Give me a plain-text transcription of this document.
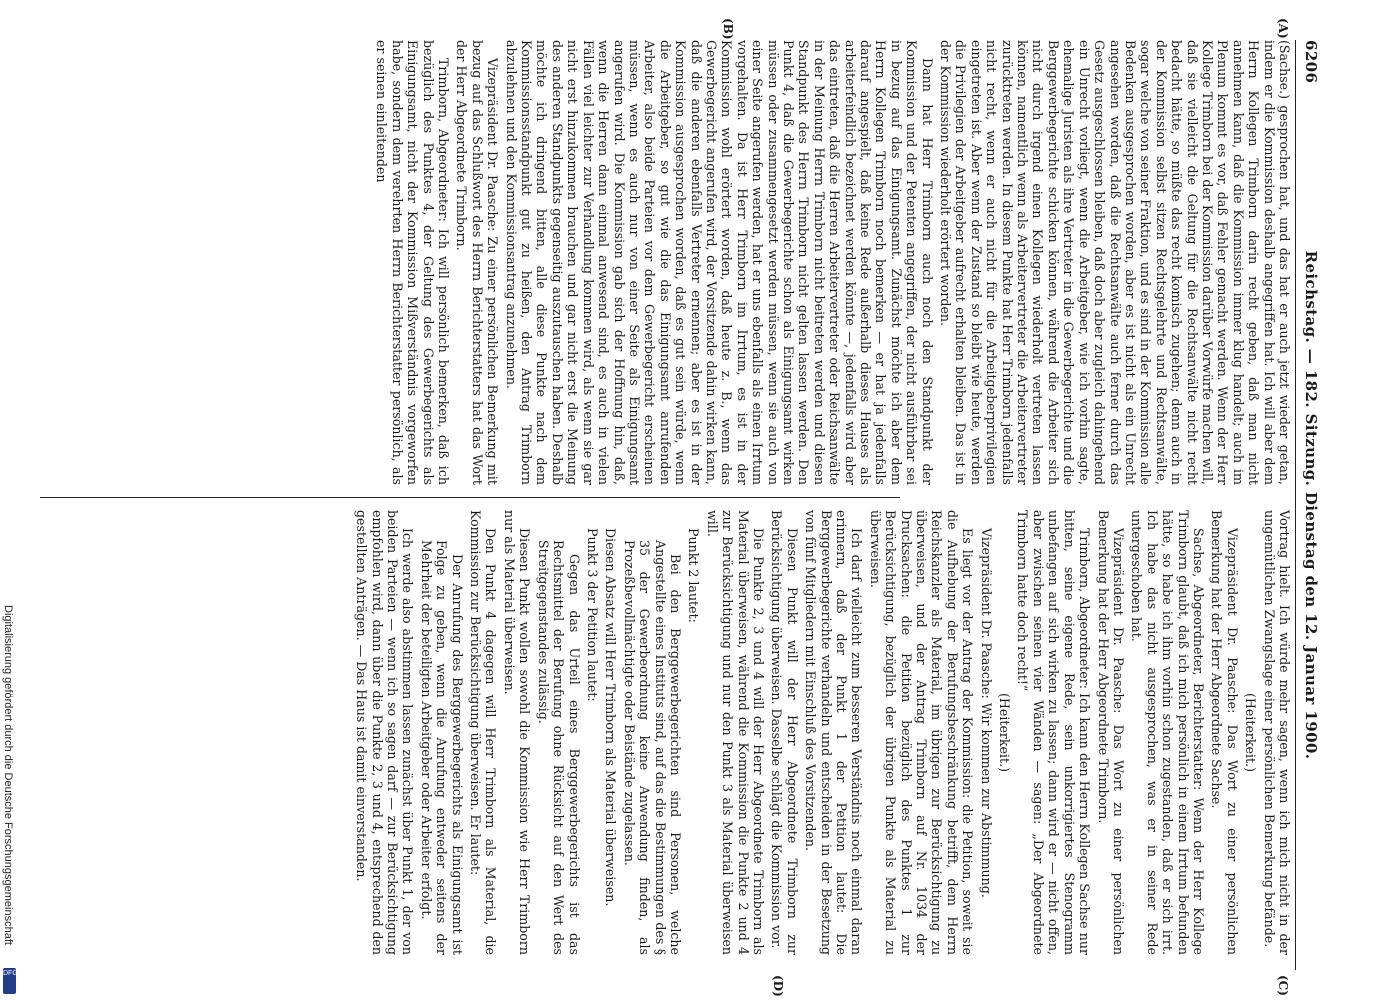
Digitalisierung gefördert durch die Deutsche Forschungsgemeinschaft
DFG
6206
Reichstag. — 182. Sitzung. Dienstag den 12. Januar 1900.
(A)
(B)
(C)
(D)

(Sachse.) gesprochen hat, und das hat er auch jetzt wieder getan, indem er die Kommission deshalb angegriffen hat. Ich will aber dem Herrn Kollegen Trimborn darin recht geben, daß man nicht annehmen kann, daß die Kommission immer klug handelt; auch im Plenum kommt es vor, daß Fehler gemacht werden. Wenn der Herr Kollege Trimborn bei der Kommission darüber Vorwürfe machen will, daß sie vielleicht die Geltung für die Rechtsanwälte nicht recht bedacht hätte, so müßte das recht komisch zugehen; denn auch in der Kommission selbst sitzen Rechtsgelehrte und Rechtsanwälte, sogar welche von seiner Fraktion, und es sind in der Kommission alle Bedenken ausgesprochen worden, aber es ist nicht als ein Unrecht angesehen worden, daß die Rechtsanwälte auch ferner durch das Gesetz ausgeschlossen bleiben, daß doch aber zugleich dahingehend ein Unrecht vorliegt, wenn die Arbeitgeber, wie ich vorhin sagte, ehemalige Juristen als ihre Vertreter in die Gewerbegerichte und die Berggewerbegerichte schicken können, während die Arbeiter sich nicht durch irgend einen Kollegen wiederholt vertreten lassen können, namentlich wenn als Arbeitervertreter die Arbeitervertreter zurücktreten werden. In diesem Punkte hat Herr Trimborn jedenfalls nicht recht, wenn er auch nicht für die Arbeitgeberprivilegien eingetreten ist. Aber wenn der Zustand so bleibt wie heute, werden die Privilegien der Arbeitgeber aufrecht erhalten bleiben. Das ist in der Kommission wiederholt erörtert worden.

Dann hat Herr Trimborn auch noch den Standpunkt der Kommission und der Petenten angegriffen, der nicht ausführbar sei in bezug auf das Einigungsamt. Zunächst möchte ich aber dem Herrn Kollegen Trimborn noch bemerken — er hat ja jedenfalls darauf angespielt, daß keine Rede außerhalb dieses Hauses als arbeiterfeindlich bezeichnet werden könnte —, jedenfalls wird aber das eintreten, daß die Herren Arbeitervertreter oder Reichsanwälte in der Meinung Herrn Trimborn nicht beitreten werden und diesen Standpunkt des Herrn Trimborn nicht gelten lassen werden. Den Punkt 4, daß die Gewerbegerichte schon als Einigungsamt wirken müssen oder zusammengesetzt werden müssen, wenn sie auch von einer Seite angerufen werden, hat er uns ebenfalls als einen Irrtum vorgehalten. Da ist Herr Trimborn im Irrtum, es ist in der Kommission wohl erörtert worden, daß heute z. B., wenn das Gewerbegericht angerufen wird, der Vorsitzende dahin wirken kann, daß die anderen ebenfalls Vertreter ernennen; aber es ist in der Kommission ausgesprochen worden, daß es gut sein würde, wenn die Arbeitgeber, so gut wie die das Einigungsamt anrufenden Arbeiter, also beide Parteien vor dem Gewerbegericht erscheinen müssen, wenn es auch nur von einer Seite als Einigungsamt angerufen wird. Die Kommission gab sich der Hoffnung hin, daß, wenn die Herren dann einmal anwesend sind, es auch in vielen Fällen viel leichter zur Verhandlung kommen wird, als wenn sie gar nicht erst hinzukommen brauchen und gar nicht erst die Meinung des anderen Standpunkts gegenseitig auszutauschen haben. Deshalb möchte ich dringend bitten, alle diese Punkte nach dem Kommissionsstandpunkt gut zu heißen, den Antrag Trimborn abzulehnen und den Kommissionsantrag anzunehmen.

Vizepräsident Dr. Paasche: Zu einer persönlichen Bemerkung mit bezug auf das Schlußwort des Herrn Berichterstatters hat das Wort der Herr Abgeordnete Trimborn.

Trimborn, Abgeordneter: Ich will persönlich bemerken, daß ich bezüglich des Punktes 4, der Geltung des Gewerbegerichts als Einigungsamt, nicht der Kommission Mißverständnis vorgeworfen habe, sondern dem verehrten Herrn Berichterstatter persönlich, als er seinen einleitenden

Vortrag hielt. Ich würde mehr sagen, wenn ich mich nicht in der ungemütlichen Zwangslage einer persönlichen Bemerkung befände.

(Heiterkeit.)

Vizepräsident Dr. Paasche: Das Wort zu einer persönlichen Bemerkung hat der Herr Abgeordnete Sachse.

Sachse, Abgeordneter, Berichterstatter: Wenn der Herr Kollege Trimborn glaubt, daß ich mich persönlich in einem Irrtum befunden hätte, so habe ich ihm vorhin schon zugestanden, daß er sich irrt. Ich habe das nicht ausgesprochen, was er in seiner Rede untergeschoben hat.

Vizepräsident Dr. Paasche: Das Wort zu einer persönlichen Bemerkung hat der Herr Abgeordnete Trimborn.

Trimborn, Abgeordneter: Ich kann den Herrn Kollegen Sachse nur bitten, seine eigene Rede, sein unkorrigiertes Stenogramm unbefangen auf sich wirken zu lassen; dann wird er — nicht offen, aber zwischen seinen vier Wänden — sagen: „Der Abgeordnete Trimborn hatte doch recht!“

(Heiterkeit.)

Vizepräsident Dr. Paasche: Wir kommen zur Abstimmung.

Es liegt vor der Antrag der Kommission: die Petition, soweit sie die Aufhebung der Berufungsbeschränkung betrifft, dem Herrn Reichskanzler als Material, im übrigen zur Berücksichtigung zu überweisen, und der Antrag Trimborn auf Nr. 1034 der Drucksachen: die Petition bezüglich des Punktes 1 zur Berücksichtigung, bezüglich der übrigen Punkte als Material zu überweisen.

Ich darf vielleicht zum besseren Verständnis noch einmal daran erinnern, daß der Punkt 1 der Petition lautet: Die Berggewerbegerichte verhandeln und entscheiden in der Besetzung von fünf Mitgliedern mit Einschluß des Vorsitzenden.

Diesen Punkt will der Herr Abgeordnete Trimborn zur Berücksichtigung überweisen. Dasselbe schlägt die Kommission vor.

Die Punkte 2, 3 und 4 will der Herr Abgeordnete Trimborn als Material überweisen, während die Kommission die Punkte 2 und 4 zur Berücksichtigung und nur den Punkt 3 als Material überweisen will.

Punkt 2 lautet:

Bei den Berggewerbegerichten sind Personen, welche Angestellte eines Instituts sind, auf das die Bestimmungen des § 35 der Gewerbeordnung keine Anwendung finden, als Prozeßbevollmächtigte oder Beistände zugelassen.

Diesen Absatz will Herr Trimborn als Material überweisen.

Punkt 3 der Petition lautet:

Gegen das Urteil eines Berggewerbegerichts ist das Rechtsmittel der Berufung ohne Rücksicht auf den Wert des Streitgegenstandes zulässig.

Diesen Punkt wollen sowohl die Kommission wie Herr Trimborn nur als Material überweisen.

Den Punkt 4 dagegen will Herr Trimborn als Material, die Kommission zur Berücksichtigung überweisen. Er lautet:

Der Anrufung des Berggewerbegerichts als Einigungsamt ist Folge zu geben, wenn die Anrufung entweder seitens der Mehrheit der beteiligten Arbeitgeber oder Arbeiter erfolgt.

Ich werde also abstimmen lassen zunächst über Punkt 1, der von beiden Parteien — wenn ich so sagen darf — zur Berücksichtigung empfohlen wird, dann über die Punkte 2, 3 und 4, entsprechend den gestellten Anträgen. — Das Haus ist damit einverstanden.
